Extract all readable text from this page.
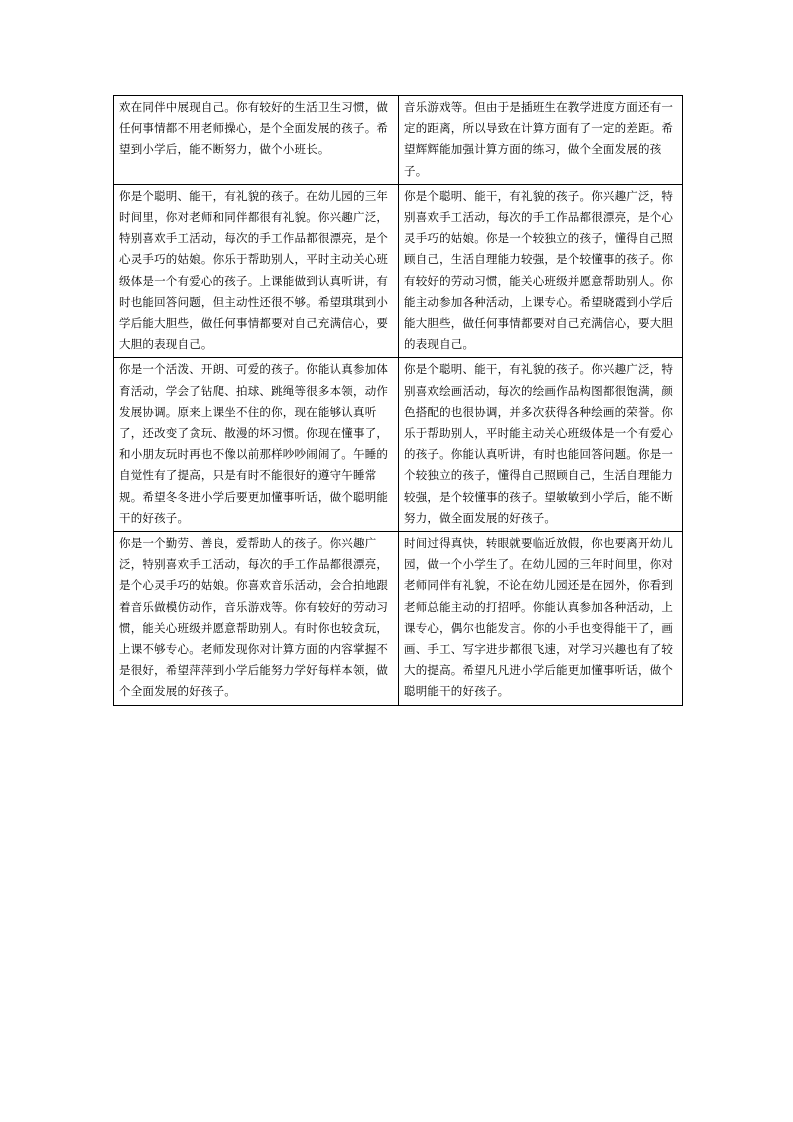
欢在同伴中展现自己。你有较好的生活卫生习惯，做任何事情都不用老师操心，是个全面发展的孩子。希望到小学后，能不断努力，做个小班长。	音乐游戏等。但由于是插班生在教学进度方面还有一定的距离，所以导致在计算方面有了一定的差距。希望辉辉能加强计算方面的练习，做个全面发展的孩子。
你是个聪明、能干，有礼貌的孩子。在幼儿园的三年时间里，你对老师和同伴都很有礼貌。你兴趣广泛，特别喜欢手工活动，每次的手工作品都很漂亮，是个心灵手巧的姑娘。你乐于帮助别人，平时主动关心班级体是一个有爱心的孩子。上课能做到认真听讲，有时也能回答问题，但主动性还很不够。希望琪琪到小学后能大胆些，做任何事情都要对自己充满信心，要大胆的表现自己。	你是个聪明、能干，有礼貌的孩子。你兴趣广泛，特别喜欢手工活动，每次的手工作品都很漂亮，是个心灵手巧的姑娘。你是一个较独立的孩子，懂得自己照顾自己，生活自理能力较强，是个较懂事的孩子。你有较好的劳动习惯，能关心班级并愿意帮助别人。你能主动参加各种活动，上课专心。希望晓霞到小学后能大胆些，做任何事情都要对自己充满信心，要大胆的表现自己。
你是一个活泼、开朗、可爱的孩子。你能认真参加体育活动，学会了钻爬、拍球、跳绳等很多本领，动作发展协调。原来上课坐不住的你，现在能够认真听了，还改变了贪玩、散漫的坏习惯。你现在懂事了，和小朋友玩时再也不像以前那样吵吵闹闹了。午睡的自觉性有了提高，只是有时不能很好的遵守午睡常规。希望冬冬进小学后要更加懂事听话，做个聪明能干的好孩子。	你是个聪明、能干，有礼貌的孩子。你兴趣广泛，特别喜欢绘画活动，每次的绘画作品构图都很饱满，颜色搭配的也很协调，并多次获得各种绘画的荣誉。你乐于帮助别人，平时能主动关心班级体是一个有爱心的孩子。你能认真听讲，有时也能回答问题。你是一个较独立的孩子，懂得自己照顾自己，生活自理能力较强，是个较懂事的孩子。望敏敏到小学后，能不断努力，做全面发展的好孩子。
你是一个勤劳、善良，爱帮助人的孩子。你兴趣广泛，特别喜欢手工活动，每次的手工作品都很漂亮，是个心灵手巧的姑娘。你喜欢音乐活动，会合拍地跟着音乐做模仿动作，音乐游戏等。你有较好的劳动习惯，能关心班级并愿意帮助别人。有时你也较贪玩，上课不够专心。老师发现你对计算方面的内容掌握不是很好，希望萍萍到小学后能努力学好每样本领，做个全面发展的好孩子。	时间过得真快，转眼就要临近放假，你也要离开幼儿园，做一个小学生了。在幼儿园的三年时间里，你对老师同伴有礼貌，不论在幼儿园还是在园外，你看到老师总能主动的打招呼。你能认真参加各种活动，上课专心，偶尔也能发言。你的小手也变得能干了，画画、手工、写字进步都很飞速，对学习兴趣也有了较大的提高。希望凡凡进小学后能更加懂事听话，做个聪明能干的好孩子。
